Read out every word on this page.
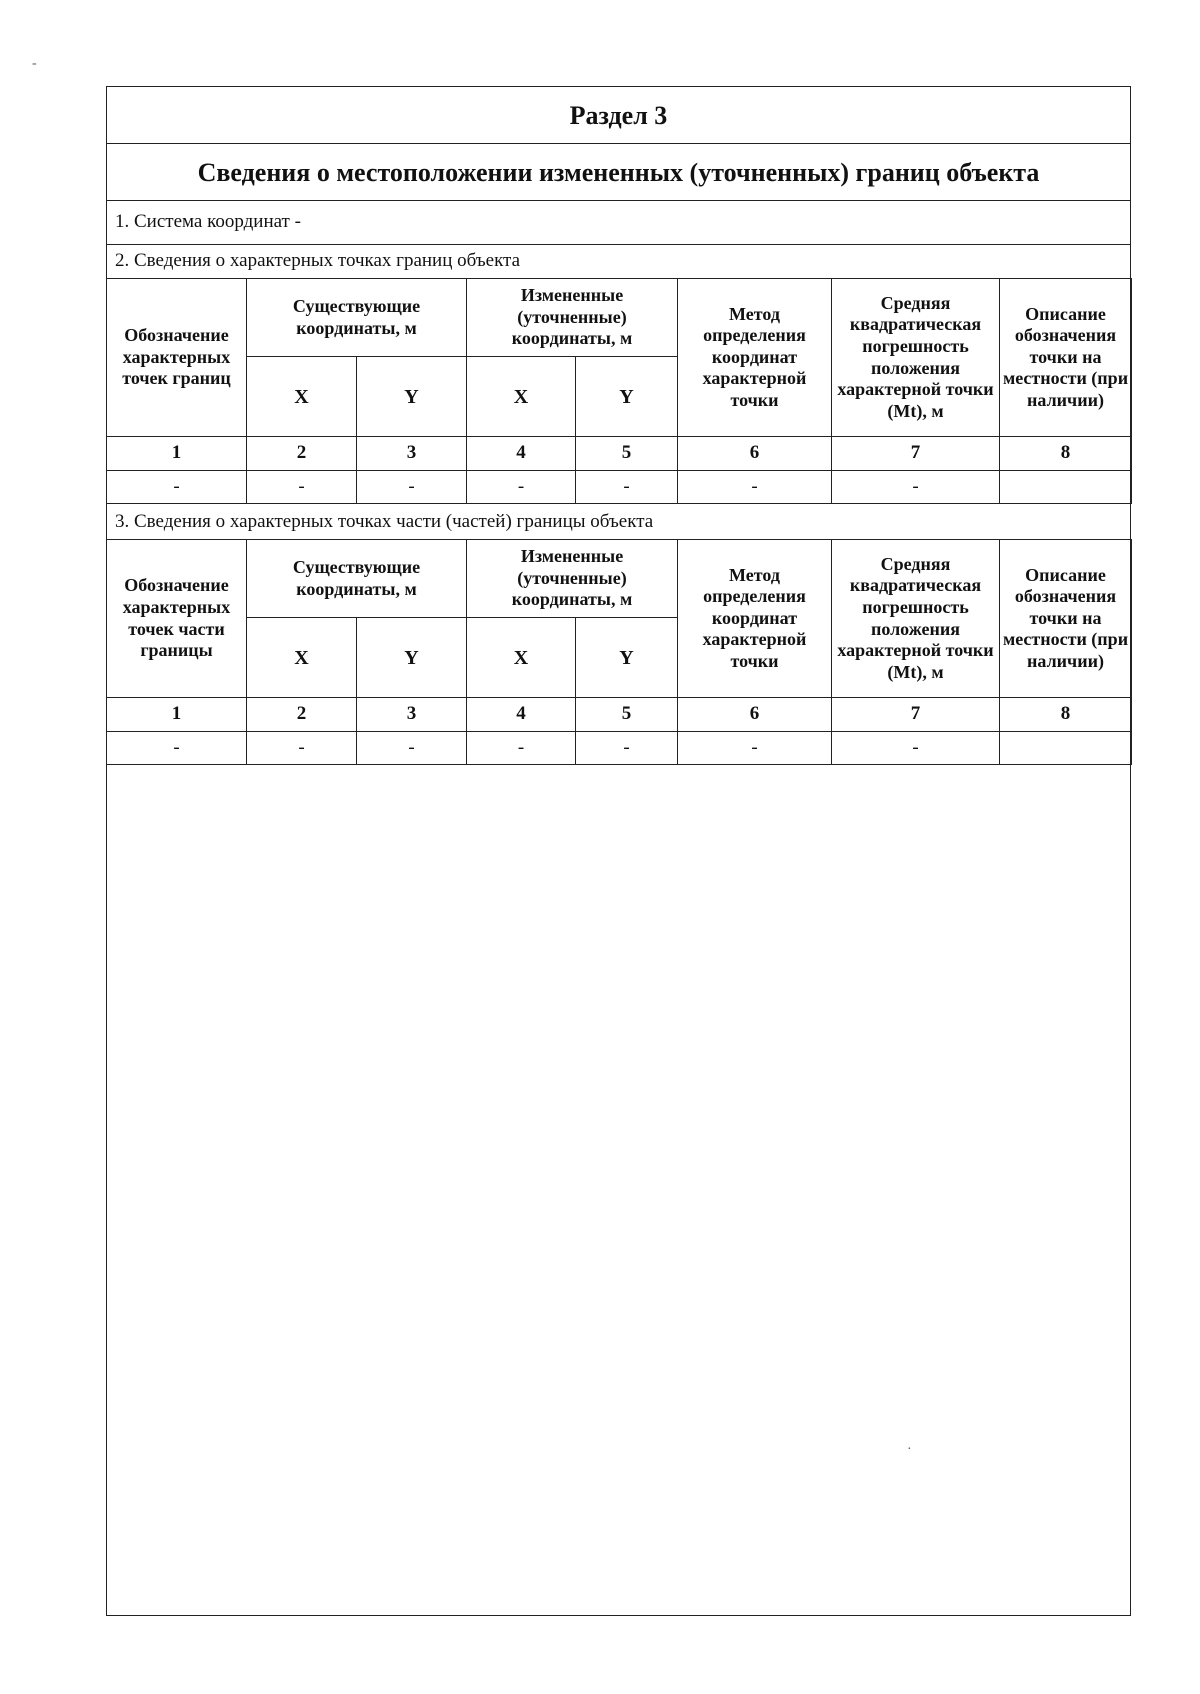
-
·
Раздел 3
Сведения о местоположении измененных (уточненных) границ объекта
1. Система координат -
2. Сведения о характерных точках границ объекта
Обозначение характерных точек границ	Существующие координаты, м		Измененные (уточненные) координаты, м		Метод определения координат характерной точки	Средняя квадратическая погрешность положения характерной точки (Mt), м	Описание обозначения точки на местности (при наличии)
	X	Y	X	Y			
1	2	3	4	5	6	7	8
-	-	-	-	-	-	-	
3. Сведения о характерных точках части (частей) границы объекта
Обозначение характерных точек части границы	Существующие координаты, м		Измененные (уточненные) координаты, м		Метод определения координат характерной точки	Средняя квадратическая погрешность положения характерной точки (Mt), м	Описание обозначения точки на местности (при наличии)
	X	Y	X	Y			
1	2	3	4	5	6	7	8
-	-	-	-	-	-	-	
